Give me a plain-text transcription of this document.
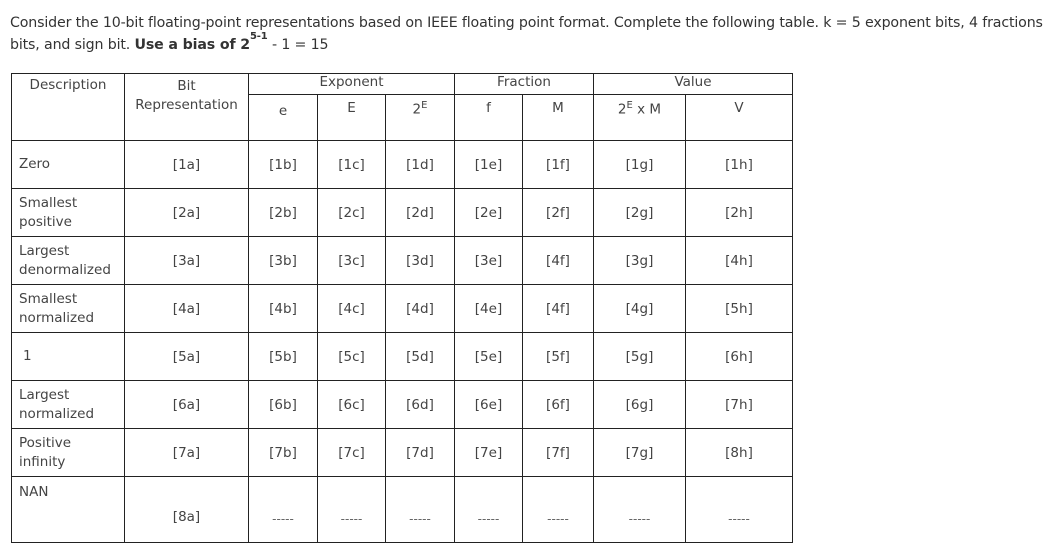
Consider the 10-bit floating-point representations based on IEEE floating point format. Complete the following table. k = 5 exponent bits, 4 fractions
bits, and sign bit. Use a bias of 2$^{5-1}$ - 1 = 15
Description	Bit
Representation	Exponent			Fraction		Value	
		e	E	$2^E$	f	M	$2^E$ x M	V

Zero	[1a]	[1b]	[1c]	[1d]	[1e]	[1f]	[1g]	[1h]

Smallest
positive	[2a]	[2b]	[2c]	[2d]	[2e]	[2f]	[2g]	[2h]

Largest
denormalized	[3a]	[3b]	[3c]	[3d]	[3e]	[4f]	[3g]	[4h]

Smallest
normalized	[4a]	[4b]	[4c]	[4d]	[4e]	[4f]	[4g]	[5h]

1	[5a]	[5b]	[5c]	[5d]	[5e]	[5f]	[5g]	[6h]

Largest
normalized	[6a]	[6b]	[6c]	[6d]	[6e]	[6f]	[6g]	[7h]

Positive
infinity	[7a]	[7b]	[7c]	[7d]	[7e]	[7f]	[7g]	[8h]

NAN	[8a]	-----	-----	-----	-----	-----	-----	-----
